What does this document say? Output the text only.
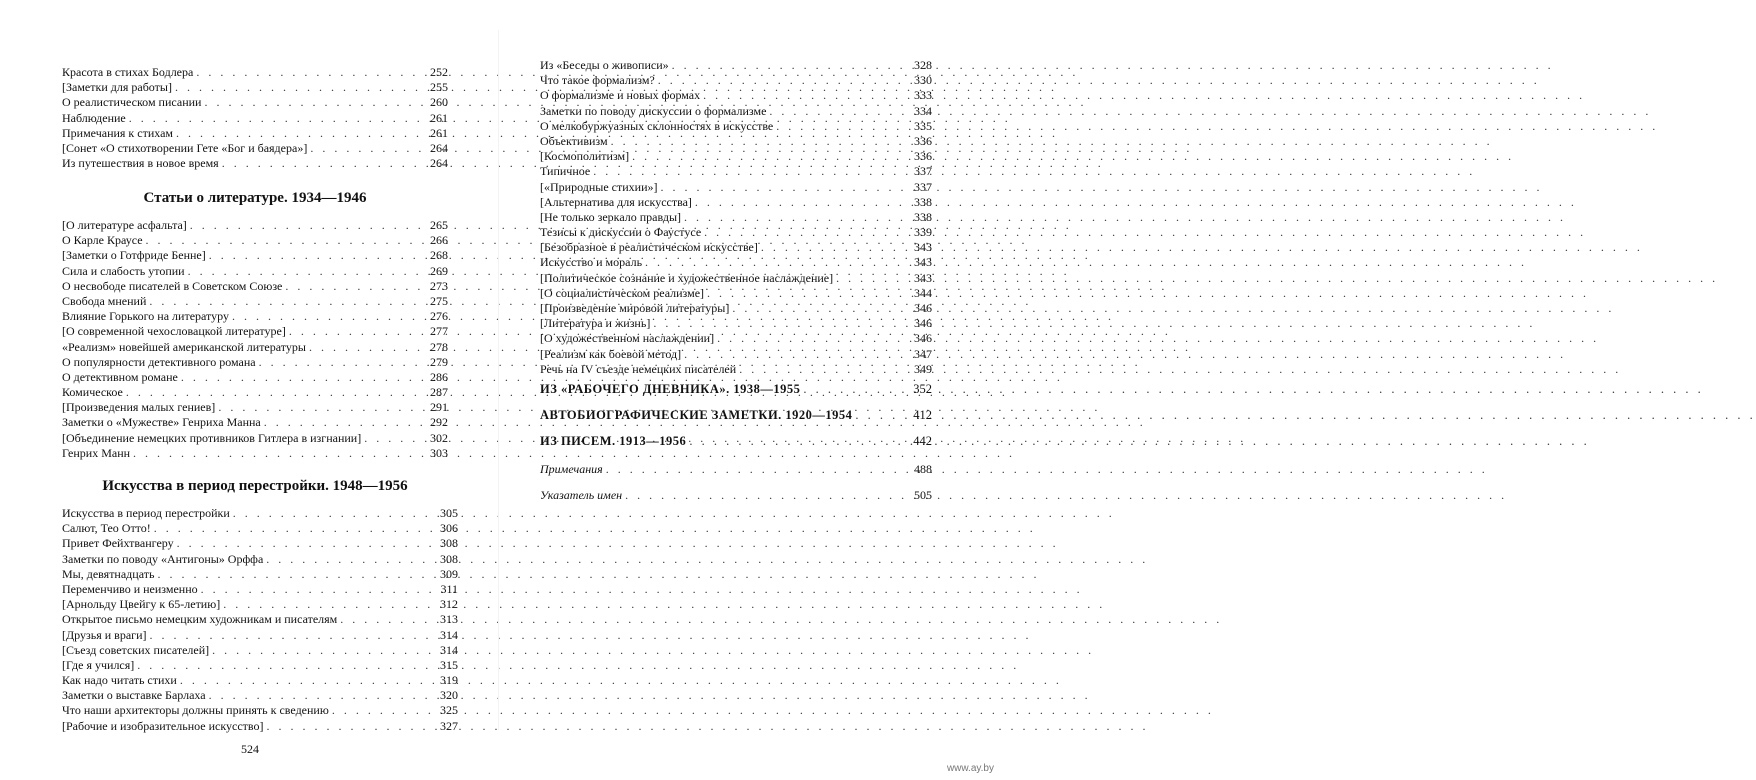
Красота в стихах Бодлера . . .	252
[Заметки для работы] . . .	255
О реалистическом писании . . .	260
Наблюдение . . .	261
Примечания к стихам . . .	261
[Сонет «О стихотворении Гете «Бог и баядера»] . . .	264
Из путешествия в новое время . . .	264
Статьи о литературе. 1934—1946
[О литературе асфальта] . . .	265
О Карле Краусе . . .	266
[Заметки о Готфриде Бенне] . . .	268
Сила и слабость утопии . . .	269
О несвободе писателей в Советском Союзе . . .	273
Свобода мнений . . .	275
Влияние Горького на литературу . . .	276
[О современной чехословацкой литературе] . . .	277
«Реализм» новейшей американской литературы . . .	278
О популярности детективного романа . . .	279
О детективном романе . . .	286
Комическое . . .	287
[Произведения малых гениев] . . .	291
Заметки о «Мужестве» Генриха Манна . . .	292
[Объединение немецких противников Гитлера в изгнании] . . .	302
Генрих Манн . . .	303
Искусства в период перестройки. 1948—1956
Искусства в период перестройки . . .	305
Салют, Тео Отто! . . .	306
Привет Фейхтвангеру . . .	308
Заметки по поводу «Антигоны» Орффа . . .	308
Мы, девятнадцать . . .	309
Переменчиво и неизменно . . .	311
[Арнольду Цвейгу к 65-летию] . . .	312
Открытое письмо немецким художникам и писателям . . .	313
[Друзья и враги] . . .	314
[Съезд советских писателей] . . .	314
[Где я учился] . . .	315
Как надо читать стихи . . .	319
Заметки о выставке Барлаха . . .	320
Что наши архитекторы должны принять к сведению . . .	325
[Рабочие и изобразительное искусство] . . .	327
524
Из «Беседы о живописи» . . .	328
Что такое формализм? . . .	330
О формализме и новых формах . . .	333
Заметки по поводу дискуссии о формализме . . .	334
О мелкобуржуазных склонностях в искусстве . . .	335
Объективизм . . .	336
[Космополитизм] . . .	336
Типичное . . .	337
[«Природные стихии»] . . .	337
[Альтернатива для искусства] . . .	338
[Не только зеркало правды] . . .	338
Тезисы к дискуссии о Фаустусе . . .	339
[Безобразное в реалистическом искусстве] . . .	343
Искусство и мораль . . .	343
[Политическое сознание и художественное наслаждение] . . .	343
[О социалистическом реализме] . . .	344
[Произведение мировой литературы] . . .	346
[Литература и жизнь] . . .	346
[О художественном наслаждении] . . .	346
[Реализм как боевой метод] . . .	347
Речь на IV съезде немецких писателей . . .	349
ИЗ «РАБОЧЕГО ДНЕВНИКА». 1938—1955 . . .	352
АВТОБИОГРАФИЧЕСКИЕ ЗАМЕТКИ. 1920—1954 . . .	412
ИЗ ПИСЕМ. 1913—1956 . . .	442
Примечания . . .	488
Указатель имен . . .	505
www.ay.by
